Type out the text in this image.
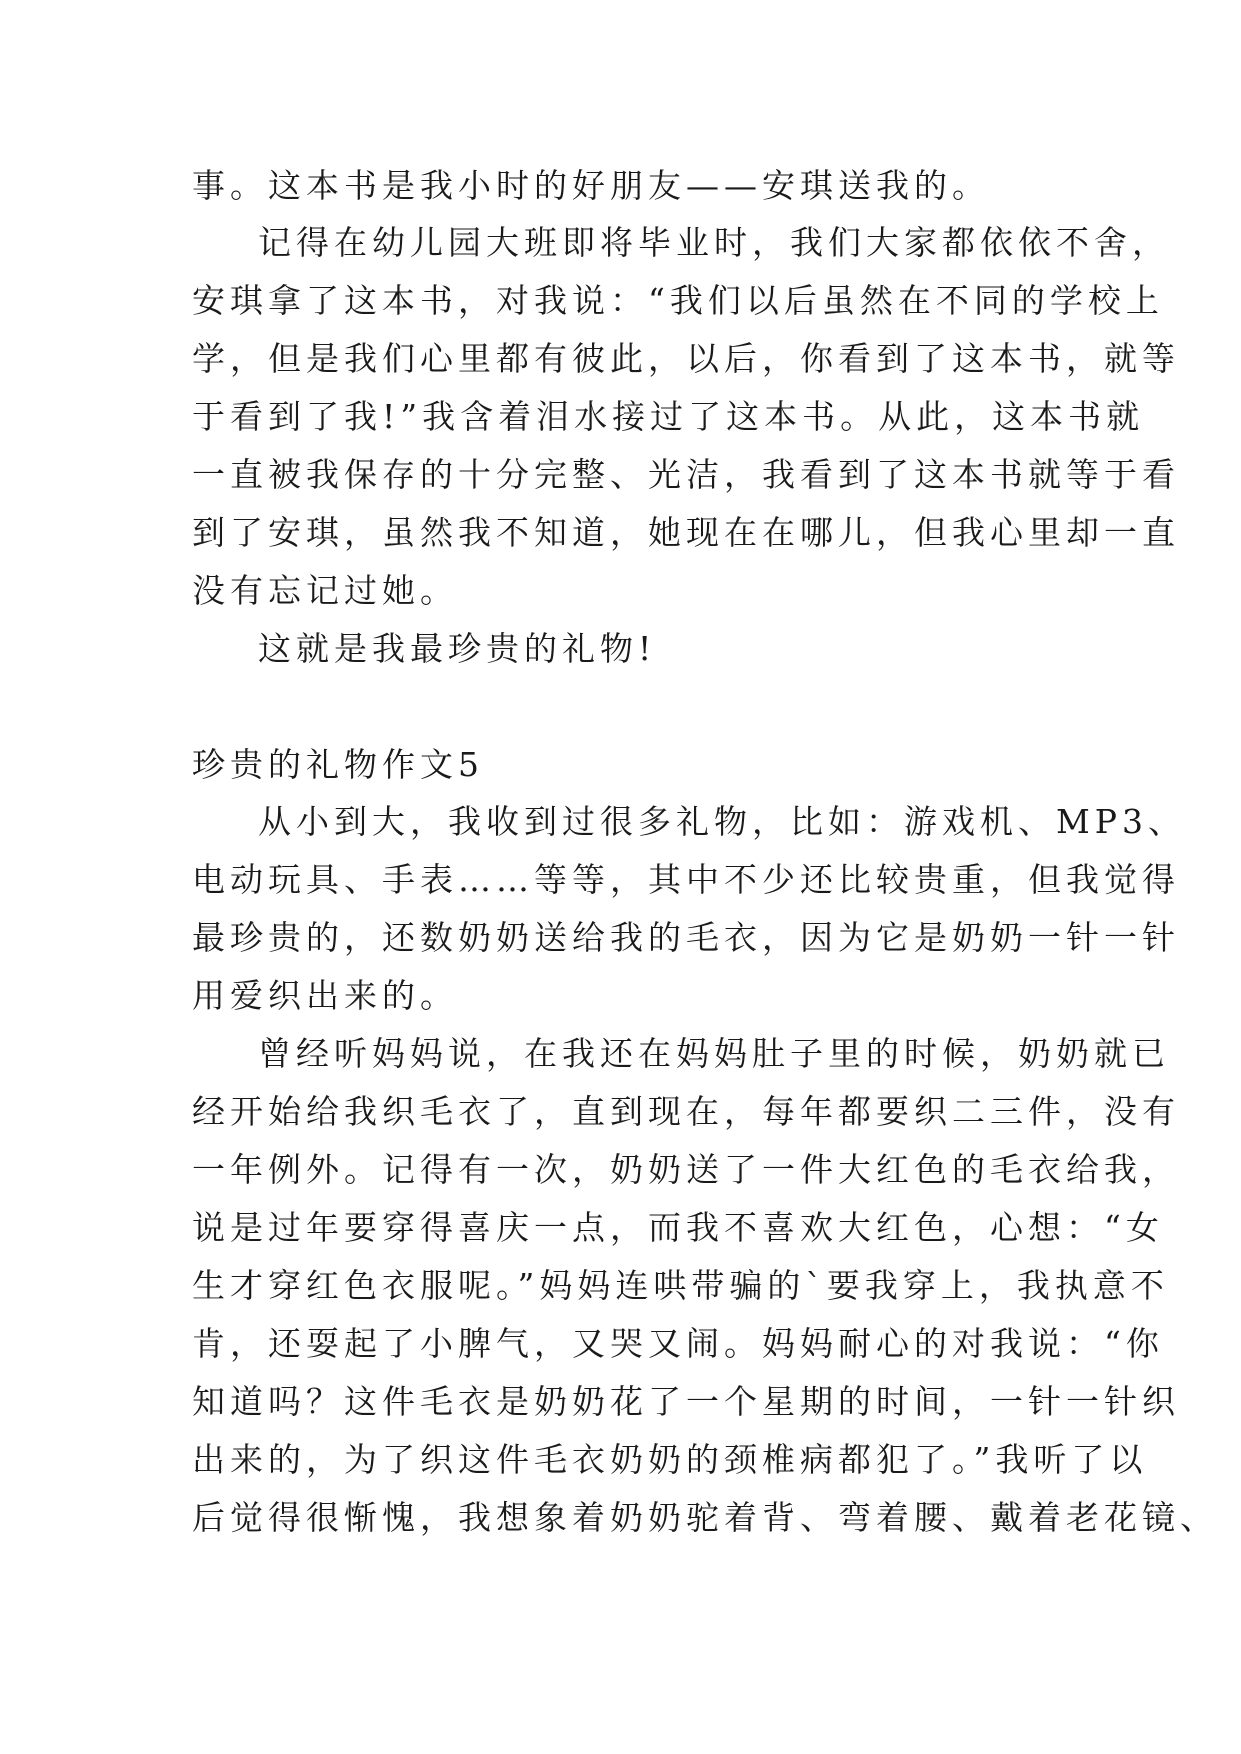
事。这本书是我小时的好朋友——安琪送我的。
记得在幼儿园大班即将毕业时，我们大家都依依不舍，
安琪拿了这本书，对我说：“我们以后虽然在不同的学校上
学，但是我们心里都有彼此，以后，你看到了这本书，就等
于看到了我!”我含着泪水接过了这本书。从此，这本书就
一直被我保存的十分完整、光洁，我看到了这本书就等于看
到了安琪，虽然我不知道，她现在在哪儿，但我心里却一直
没有忘记过她。
这就是我最珍贵的礼物!
珍贵的礼物作文5
从小到大，我收到过很多礼物，比如：游戏机、MP3、
电动玩具、手表……等等，其中不少还比较贵重，但我觉得
最珍贵的，还数奶奶送给我的毛衣，因为它是奶奶一针一针
用爱织出来的。
曾经听妈妈说，在我还在妈妈肚子里的时候，奶奶就已
经开始给我织毛衣了，直到现在，每年都要织二三件，没有
一年例外。记得有一次，奶奶送了一件大红色的毛衣给我，
说是过年要穿得喜庆一点，而我不喜欢大红色，心想：“女
生才穿红色衣服呢。”妈妈连哄带骗的`要我穿上，我执意不
肯，还耍起了小脾气，又哭又闹。妈妈耐心的对我说：“你
知道吗？这件毛衣是奶奶花了一个星期的时间，一针一针织
出来的，为了织这件毛衣奶奶的颈椎病都犯了。”我听了以
后觉得很惭愧，我想象着奶奶驼着背、弯着腰、戴着老花镜、
